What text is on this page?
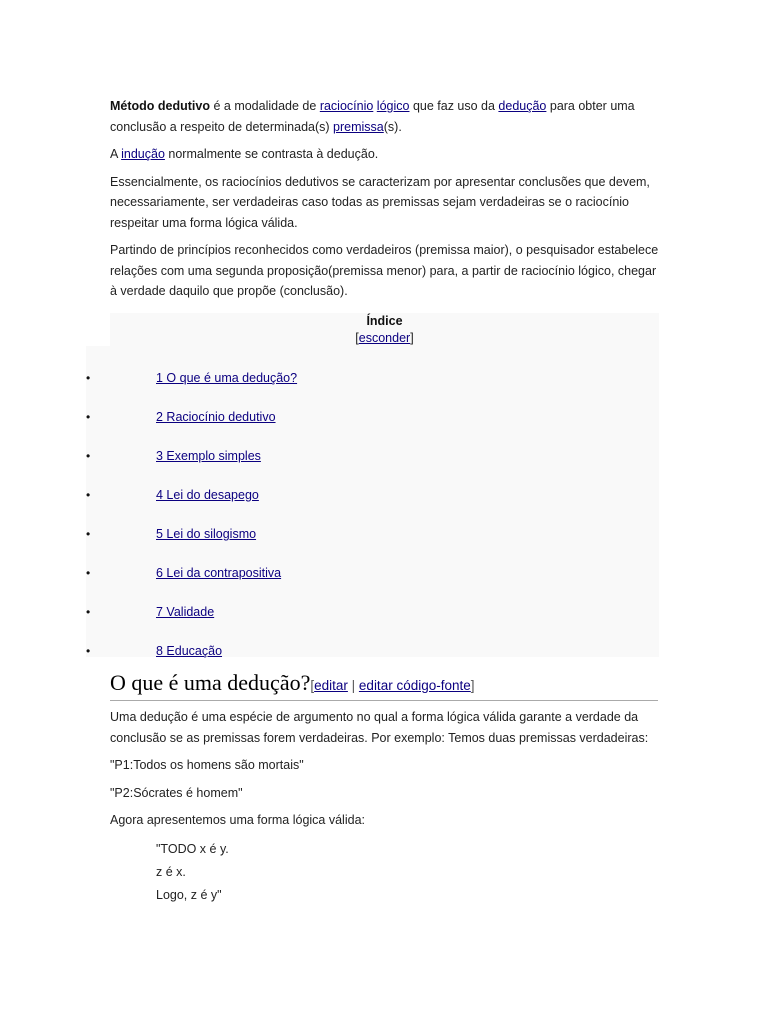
Método dedutivo é a modalidade de raciocínio lógico que faz uso da dedução para obter uma conclusão a respeito de determinada(s) premissa(s).

A indução normalmente se contrasta à dedução.

Essencialmente, os raciocínios dedutivos se caracterizam por apresentar conclusões que devem, necessariamente, ser verdadeiras caso todas as premissas sejam verdadeiras se o raciocínio respeitar uma forma lógica válida.

Partindo de princípios reconhecidos como verdadeiros (premissa maior), o pesquisador estabelece relações com uma segunda proposição(premissa menor) para, a partir de raciocínio lógico, chegar à verdade daquilo que propõe (conclusão).

Índice
[esconder]
•	1 O que é uma dedução?
•	2 Raciocínio dedutivo
•	3 Exemplo simples
•	4 Lei do desapego
•	5 Lei do silogismo
•	6 Lei da contrapositiva
•	7 Validade
•	8 Educação
O que é uma dedução?[editar | editar código-fonte]

Uma dedução é uma espécie de argumento no qual a forma lógica válida garante a verdade da conclusão se as premissas forem verdadeiras. Por exemplo: Temos duas premissas verdadeiras:

"P1:Todos os homens são mortais"

"P2:Sócrates é homem"

Agora apresentemos uma forma lógica válida:

"TODO x é y.
z é x.
Logo, z é y"
